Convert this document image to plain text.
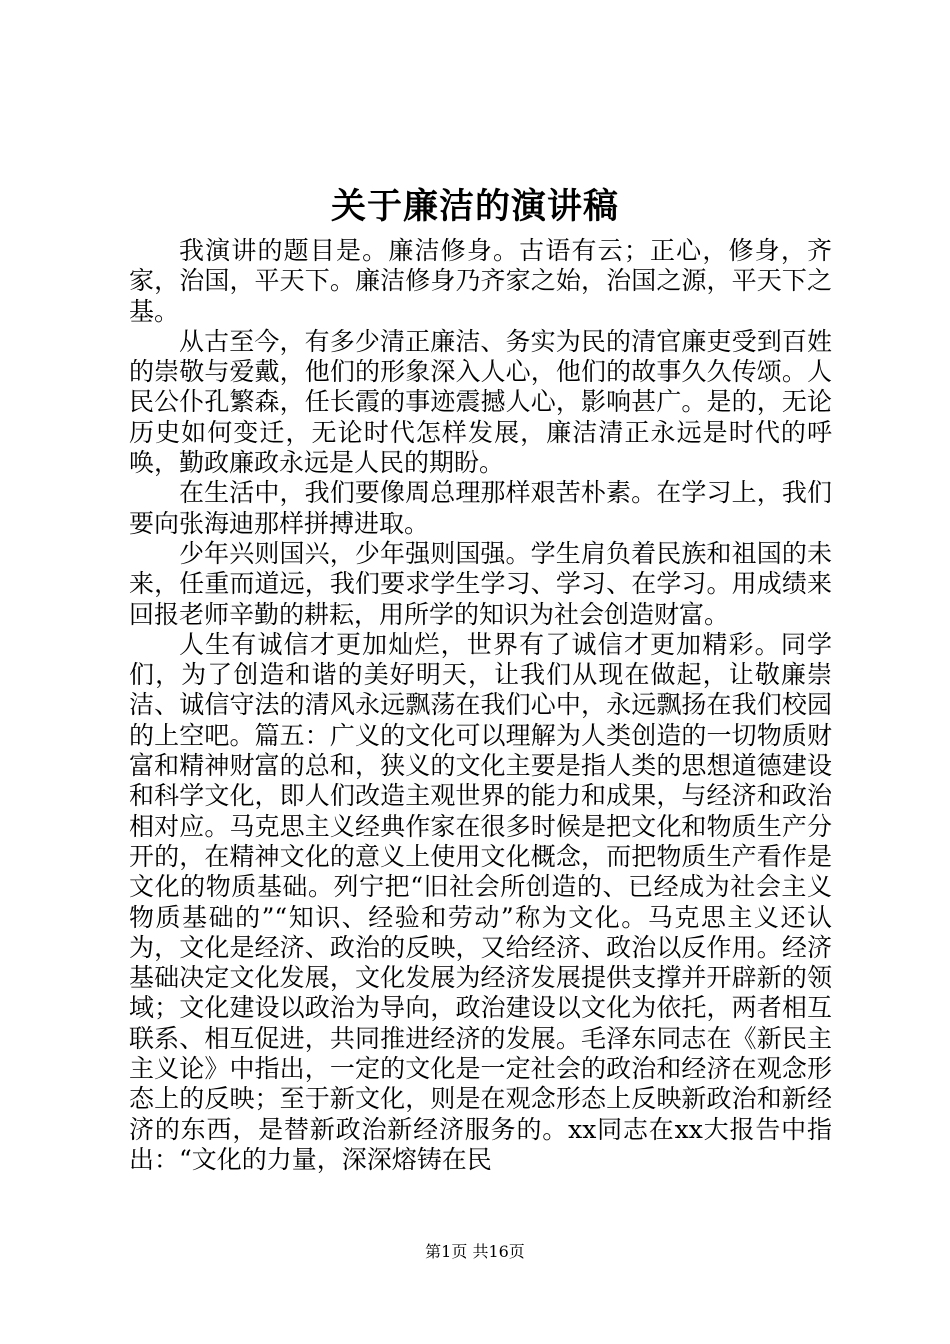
关于廉洁的演讲稿

我演讲的题目是。廉洁修身。古语有云；正心，修身，齐家，治国，平天下。廉洁修身乃齐家之始，治国之源，平天下之基。

从古至今，有多少清正廉洁、务实为民的清官廉吏受到百姓的崇敬与爱戴，他们的形象深入人心，他们的故事久久传颂。人民公仆孔繁森，任长霞的事迹震撼人心，影响甚广。是的，无论历史如何变迁，无论时代怎样发展，廉洁清正永远是时代的呼唤，勤政廉政永远是人民的期盼。

在生活中，我们要像周总理那样艰苦朴素。在学习上，我们要向张海迪那样拼搏进取。

少年兴则国兴，少年强则国强。学生肩负着民族和祖国的未来，任重而道远，我们要求学生学习、学习、在学习。用成绩来回报老师辛勤的耕耘，用所学的知识为社会创造财富。

人生有诚信才更加灿烂，世界有了诚信才更加精彩。同学们，为了创造和谐的美好明天，让我们从现在做起，让敬廉崇洁、诚信守法的清风永远飘荡在我们心中，永远飘扬在我们校园的上空吧。篇五：广义的文化可以理解为人类创造的一切物质财富和精神财富的总和，狭义的文化主要是指人类的思想道德建设和科学文化，即人们改造主观世界的能力和成果，与经济和政治相对应。马克思主义经典作家在很多时候是把文化和物质生产分开的，在精神文化的意义上使用文化概念，而把物质生产看作是文化的物质基础。列宁把“旧社会所创造的、已经成为社会主义物质基础的”“知识、经验和劳动”称为文化。马克思主义还认为，文化是经济、政治的反映，又给经济、政治以反作用。经济基础决定文化发展，文化发展为经济发展提供支撑并开辟新的领域；文化建设以政治为导向，政治建设以文化为依托，两者相互联系、相互促进，共同推进经济的发展。毛泽东同志在《新民主主义论》中指出，一定的文化是一定社会的政治和经济在观念形态上的反映；至于新文化，则是在观念形态上反映新政治和新经济的东西，是替新政治新经济服务的。xx同志在xx大报告中指出：“文化的力量，深深熔铸在民

第1页 共16页
